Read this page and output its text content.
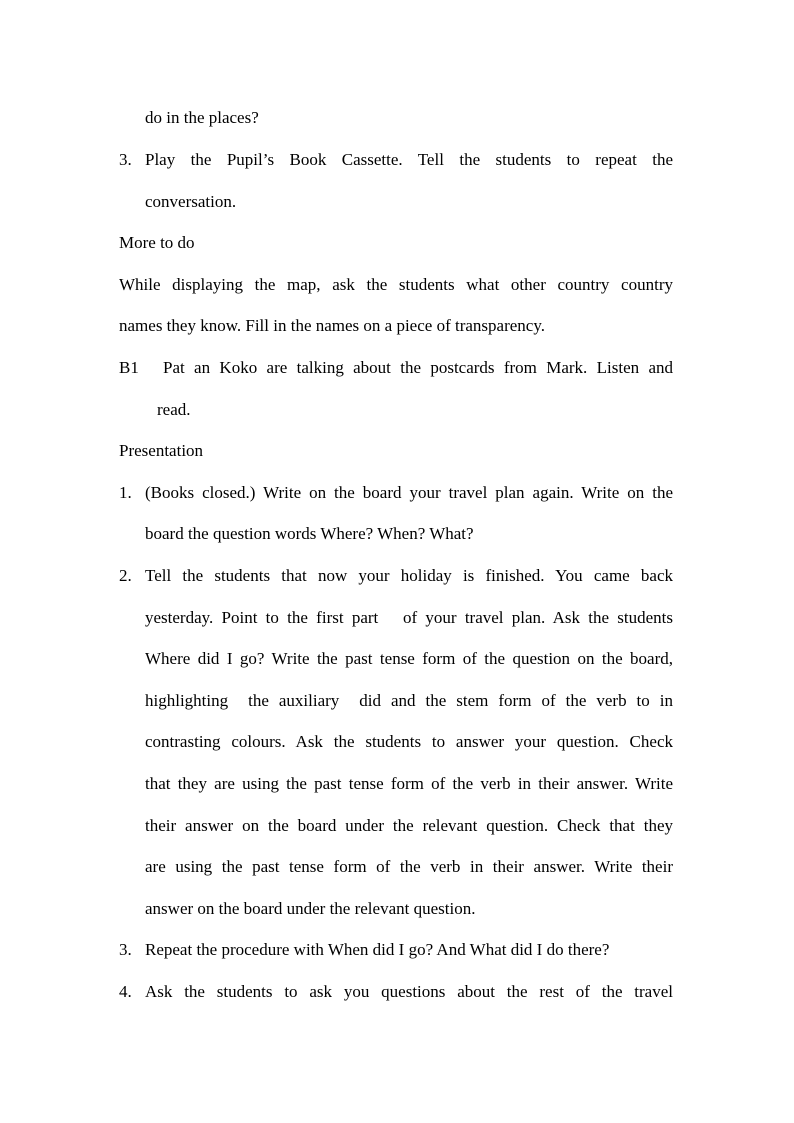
do in the places?
3. Play the Pupil’s Book Cassette. Tell the students to repeat the
conversation.
More to do
While displaying the map, ask the students what other country country
names they know. Fill in the names on a piece of transparency.
B1 Pat an Koko are talking about the postcards from Mark. Listen and
read.
Presentation
1. (Books closed.) Write on the board your travel plan again. Write on the
board the question words Where? When? What?
2. Tell the students that now your holiday is finished. You came back
yesterday. Point to the first part   of your travel plan. Ask the students
Where did I go? Write the past tense form of the question on the board,
highlighting  the auxiliary  did and the stem form of the verb to in
contrasting colours. Ask the students to answer your question. Check
that they are using the past tense form of the verb in their answer. Write
their answer on the board under the relevant question. Check that they
are using the past tense form of the verb in their answer. Write their
answer on the board under the relevant question.
3. Repeat the procedure with When did I go? And What did I do there?
4. Ask the students to ask you questions about the rest of the travel
